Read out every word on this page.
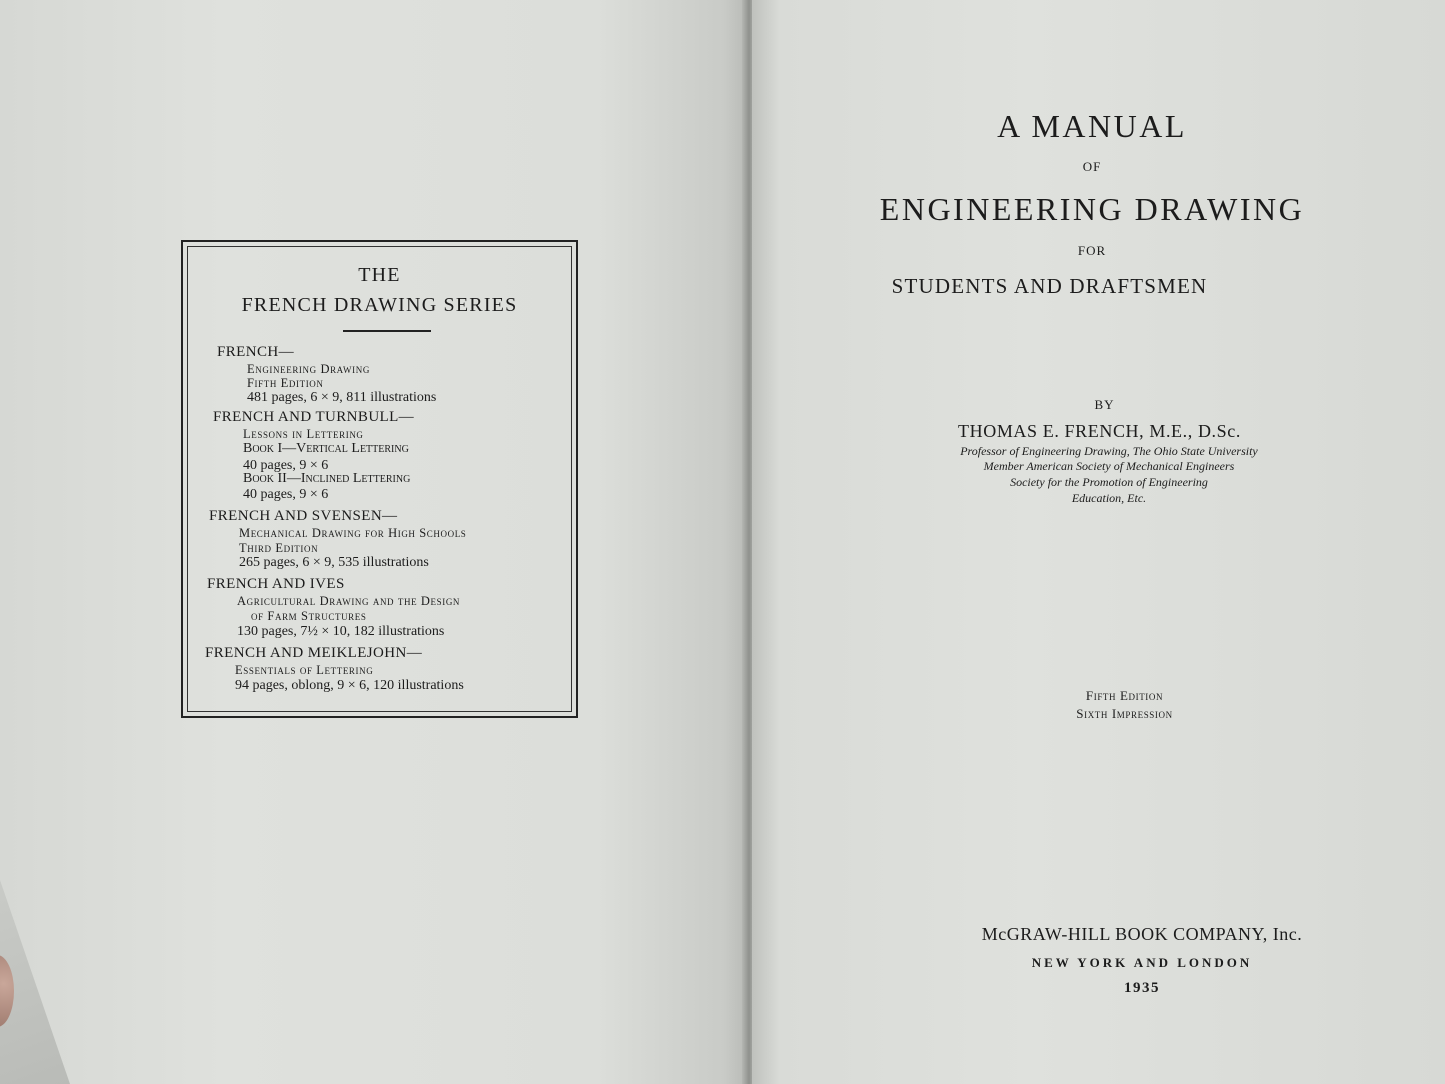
THE
FRENCH DRAWING SERIES
FRENCH—
Engineering Drawing
Fifth Edition
481 pages, 6 × 9, 811 illustrations
FRENCH AND TURNBULL—
Lessons in Lettering
Book I—Vertical Lettering
40 pages, 9 × 6
Book II—Inclined Lettering
40 pages, 9 × 6
FRENCH AND SVENSEN—
Mechanical Drawing for High Schools
Third Edition
265 pages, 6 × 9, 535 illustrations
FRENCH AND IVES
Agricultural Drawing and the Design
of Farm Structures
130 pages, 7½ × 10, 182 illustrations
FRENCH AND MEIKLEJOHN—
Essentials of Lettering
94 pages, oblong, 9 × 6, 120 illustrations
A MANUAL
OF
ENGINEERING DRAWING
FOR
STUDENTS AND DRAFTSMEN
BY
THOMAS E. FRENCH, M.E., D.Sc.
Professor of Engineering Drawing, The Ohio State University
Member American Society of Mechanical Engineers
Society for the Promotion of Engineering
Education, Etc.
Fifth Edition
Sixth Impression
McGRAW-HILL BOOK COMPANY, Inc.
NEW YORK AND LONDON
1935
